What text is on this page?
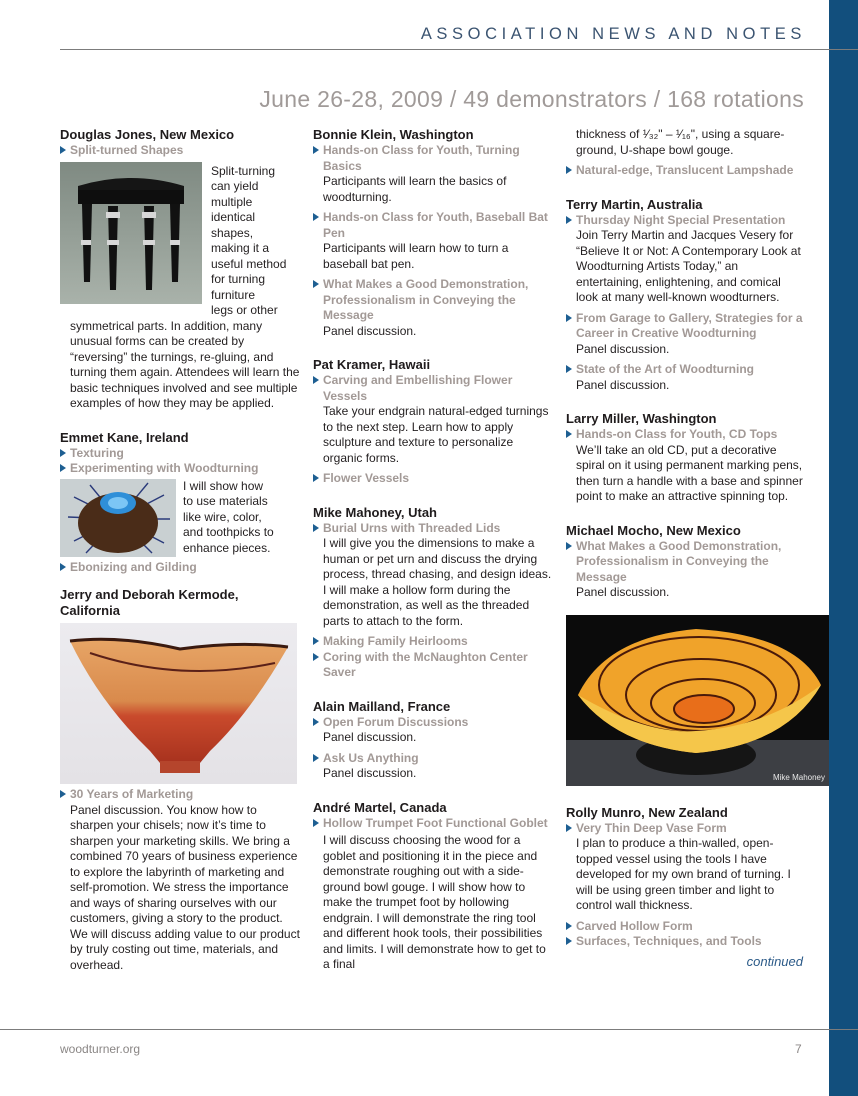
ASSOCIATION NEWS AND NOTES
June 26-28, 2009 / 49 demonstrators / 168 rotations
Douglas Jones, New Mexico
Split-turned Shapes
Split-turning
can yield
multiple
identical
shapes,
making it a
useful method
for turning
furniture
legs or other
symmetrical parts. In addition, many unusual forms can be created by “reversing” the turnings, re-gluing, and turning them again. Attendees will learn the basic techniques involved and see multiple examples of how they may be applied.
Emmet Kane, Ireland
Texturing
Experimenting with Woodturning
I will show how
to use materials
like wire, color,
and toothpicks to
enhance pieces.
Ebonizing and Gilding
Jerry and Deborah Kermode, California
30 Years of Marketing
Panel discussion. You know how to sharpen your chisels; now it’s time to sharpen your marketing skills. We bring a combined 70 years of business experience to explore the labyrinth of marketing and self-promotion. We stress the importance and ways of sharing ourselves with our customers, giving a story to the product. We will discuss adding value to our product by truly costing out time, materials, and overhead.
Bonnie Klein, Washington
Hands-on Class for Youth, Turning Basics
Participants will learn the basics of woodturning.
Hands-on Class for Youth, Baseball Bat Pen
Participants will learn how to turn a baseball bat pen.
What Makes a Good Demonstration, Professionalism in Conveying the Message
Panel discussion.
Pat Kramer, Hawaii
Carving and Embellishing Flower Vessels
Take your endgrain natural-edged turnings to the next step. Learn how to apply sculpture and texture to personalize organic forms.
Flower Vessels
Mike Mahoney, Utah
Burial Urns with Threaded Lids
I will give you the dimensions to make a human or pet urn and discuss the drying process, thread chasing, and design ideas. I will make a hollow form during the demonstration, as well as the threaded parts to attach to the form.
Making Family Heirlooms
Coring with the McNaughton Center Saver
Alain Mailland, France
Open Forum Discussions
Panel discussion.
Ask Us Anything
Panel discussion.
André Martel, Canada
Hollow Trumpet Foot Functional Goblet
I will discuss choosing the wood for a goblet and positioning it in the piece and demonstrate roughing out with a side-ground bowl gouge. I will show how to make the trumpet foot by hollowing endgrain. I will demonstrate the ring tool and different hook tools, their possibilities and limits. I will demonstrate how to get to a final
thickness of ¹⁄₃₂" – ¹⁄₁₆", using a square-ground, U-shape bowl gouge.
Natural-edge, Translucent Lampshade
Terry Martin, Australia
Thursday Night Special Presentation
Join Terry Martin and Jacques Vesery for “Believe It or Not: A Contemporary Look at Woodturning Artists Today,” an entertaining, enlightening, and comical look at many well-known woodturners.
From Garage to Gallery, Strategies for a Career in Creative Woodturning
Panel discussion.
State of the Art of Woodturning
Panel discussion.
Larry Miller, Washington
Hands-on Class for Youth, CD Tops
We’ll take an old CD, put a decorative spiral on it using permanent marking pens, then turn a handle with a base and spinner point to make an attractive spinning top.
Michael Mocho, New Mexico
What Makes a Good Demonstration, Professionalism in Conveying the Message
Panel discussion.
Mike Mahoney
Rolly Munro, New Zealand
Very Thin Deep Vase Form
I plan to produce a thin-walled, open-topped vessel using the tools I have developed for my own brand of turning. I will be using green timber and light to control wall thickness.
Carved Hollow Form
Surfaces, Techniques, and Tools
continued
woodturner.org	7
